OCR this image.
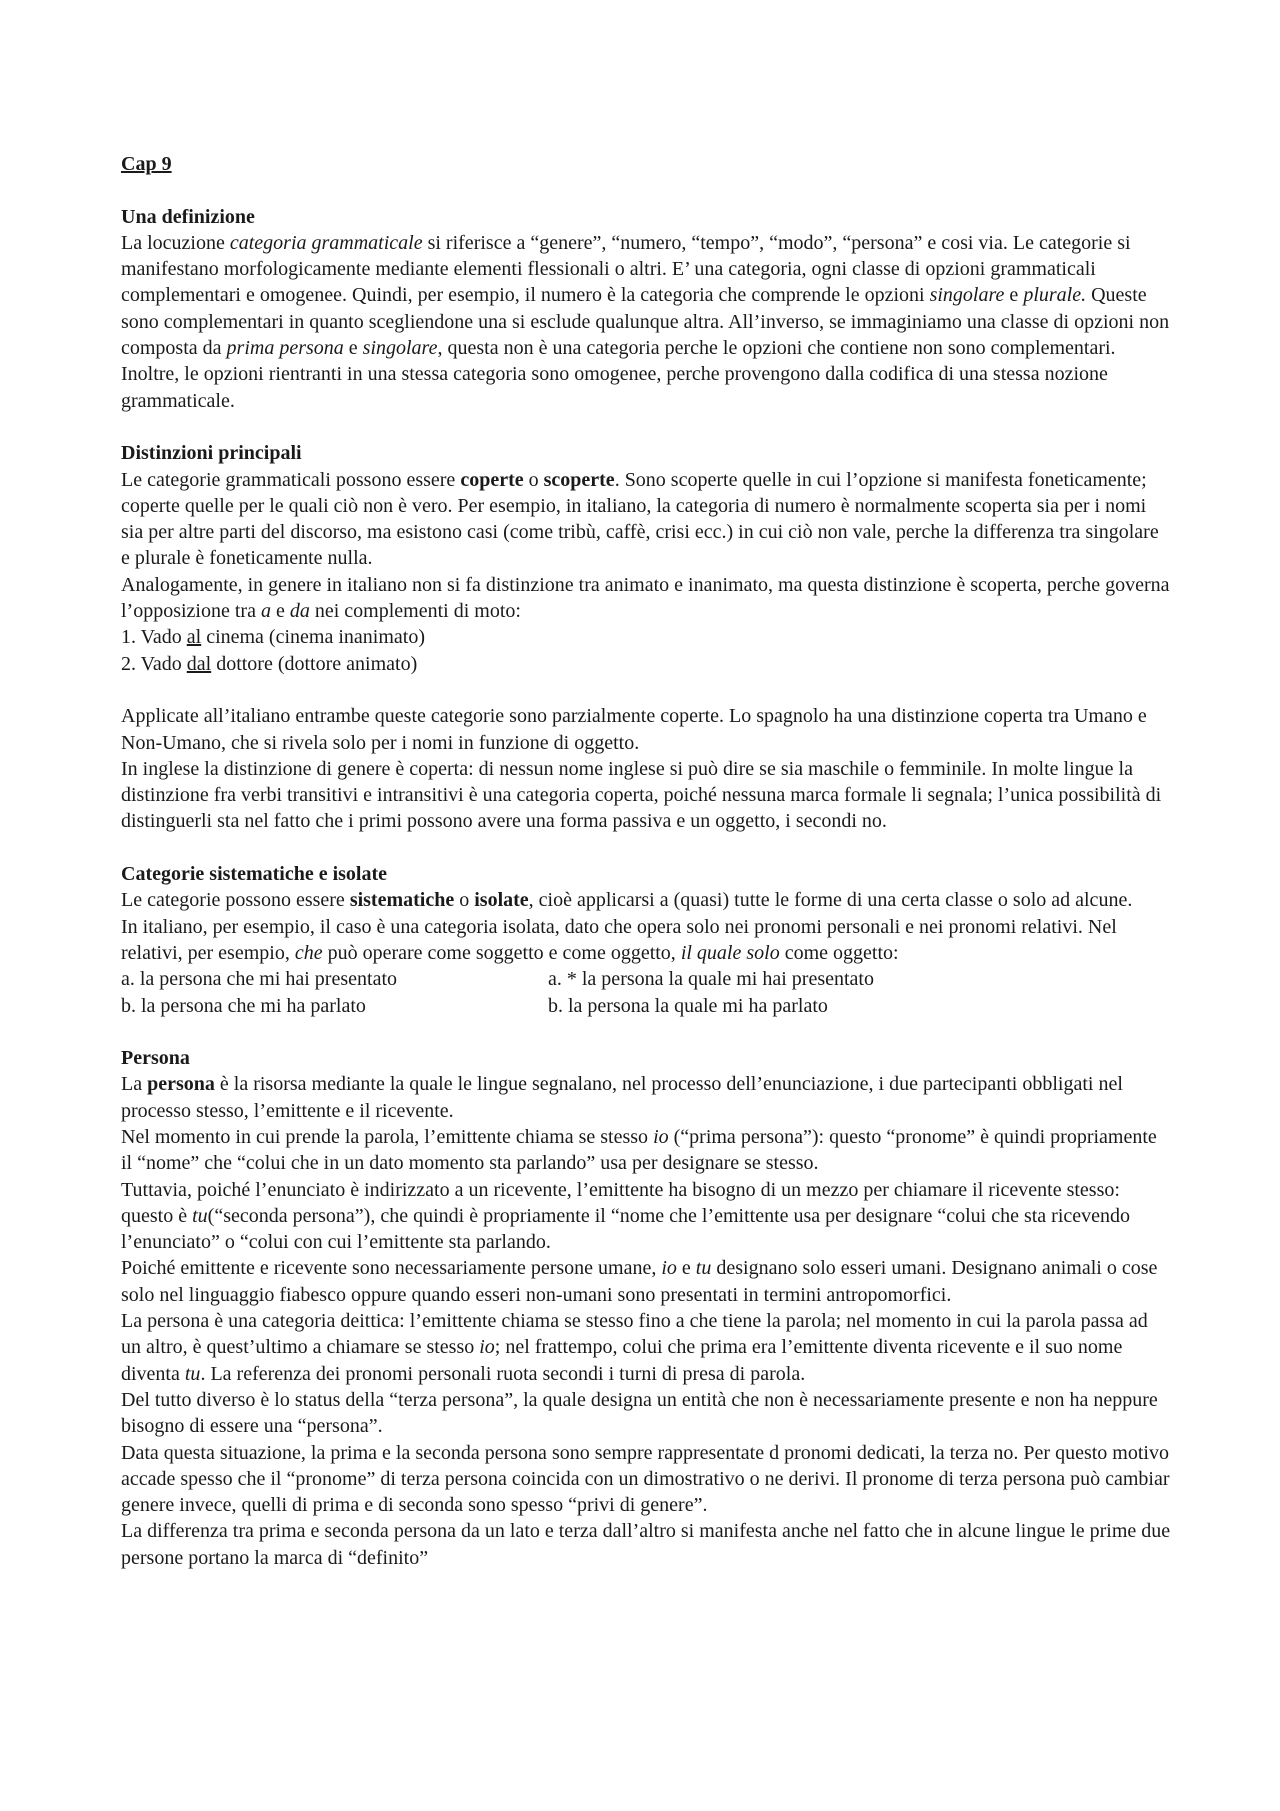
Cap 9

Una definizione

La locuzione categoria grammaticale si riferisce a “genere”, “numero, “tempo”, “modo”, “persona” e cosi via. Le categorie si manifestano morfologicamente mediante elementi flessionali o altri. E’ una categoria, ogni classe di opzioni grammaticali complementari e omogenee. Quindi, per esempio, il numero è la categoria che comprende le opzioni singolare e plurale. Queste sono complementari in quanto scegliendone una si esclude qualunque altra. All’inverso, se immaginiamo una classe di opzioni non composta da prima persona e singolare, questa non è una categoria perche le opzioni che contiene non sono complementari. Inoltre, le opzioni rientranti in una stessa categoria sono omogenee, perche provengono dalla codifica di una stessa nozione grammaticale.

Distinzioni principali

Le categorie grammaticali possono essere coperte o scoperte. Sono scoperte quelle in cui l’opzione si manifesta foneticamente; coperte quelle per le quali ciò non è vero. Per esempio, in italiano, la categoria di numero è normalmente scoperta sia per i nomi sia per altre parti del discorso, ma esistono casi (come tribù, caffè, crisi ecc.) in cui ciò non vale, perche la differenza tra singolare e plurale è foneticamente nulla.

Analogamente, in genere in italiano non si fa distinzione tra animato e inanimato, ma questa distinzione è scoperta, perche governa l’opposizione tra a e da nei complementi di moto:

1. Vado al cinema (cinema inanimato)

2. Vado dal dottore (dottore animato)

Applicate all’italiano entrambe queste categorie sono parzialmente coperte. Lo spagnolo ha una distinzione coperta tra Umano e Non-Umano, che si rivela solo per i nomi in funzione di oggetto.

In inglese la distinzione di genere è coperta: di nessun nome inglese si può dire se sia maschile o femminile. In molte lingue la distinzione fra verbi transitivi e intransitivi è una categoria coperta, poiché nessuna marca formale li segnala; l’unica possibilità di distinguerli sta nel fatto che i primi possono avere una forma passiva e un oggetto, i secondi no.

Categorie sistematiche e isolate

Le categorie possono essere sistematiche o isolate, cioè applicarsi a (quasi) tutte le forme di una certa classe o solo ad alcune.

In italiano, per esempio, il caso è una categoria isolata, dato che opera solo nei pronomi personali e nei pronomi relativi. Nel relativi, per esempio, che può operare come soggetto e come oggetto, il quale solo come oggetto:

a. la persona che mi hai presentato	a. * la persona la quale mi hai presentato
b. la persona che mi ha parlato	b. la persona la quale mi ha parlato

Persona

La persona è la risorsa mediante la quale le lingue segnalano, nel processo dell’enunciazione, i due partecipanti obbligati nel processo stesso, l’emittente e il ricevente.

Nel momento in cui prende la parola, l’emittente chiama se stesso io (“prima persona”): questo “pronome” è quindi propriamente il “nome” che “colui che in un dato momento sta parlando” usa per designare se stesso.

Tuttavia, poiché l’enunciato è indirizzato a un ricevente, l’emittente ha bisogno di un mezzo per chiamare il ricevente stesso: questo è tu(“seconda persona”), che quindi è propriamente il “nome che l’emittente usa per designare “colui che sta ricevendo l’enunciato” o “colui con cui l’emittente sta parlando.

Poiché emittente e ricevente sono necessariamente persone umane, io e tu designano solo esseri umani. Designano animali o cose solo nel linguaggio fiabesco oppure quando esseri non-umani sono presentati in termini antropomorfici.

La persona è una categoria deittica: l’emittente chiama se stesso fino a che tiene la parola; nel momento in cui la parola passa ad un altro, è quest’ultimo a chiamare se stesso io; nel frattempo, colui che prima era l’emittente diventa ricevente e il suo nome diventa tu. La referenza dei pronomi personali ruota secondi i turni di presa di parola.

Del tutto diverso è lo status della “terza persona”, la quale designa un entità che non è necessariamente presente e non ha neppure bisogno di essere una “persona”.

Data questa situazione, la prima e la seconda persona sono sempre rappresentate d pronomi dedicati, la terza no. Per questo motivo accade spesso che il “pronome” di terza persona coincida con un dimostrativo o ne derivi. Il pronome di terza persona può cambiar genere invece, quelli di prima e di seconda sono spesso “privi di genere”.

La differenza tra prima e seconda persona da un lato e terza dall’altro si manifesta anche nel fatto che in alcune lingue le prime due persone portano la marca di “definito”
